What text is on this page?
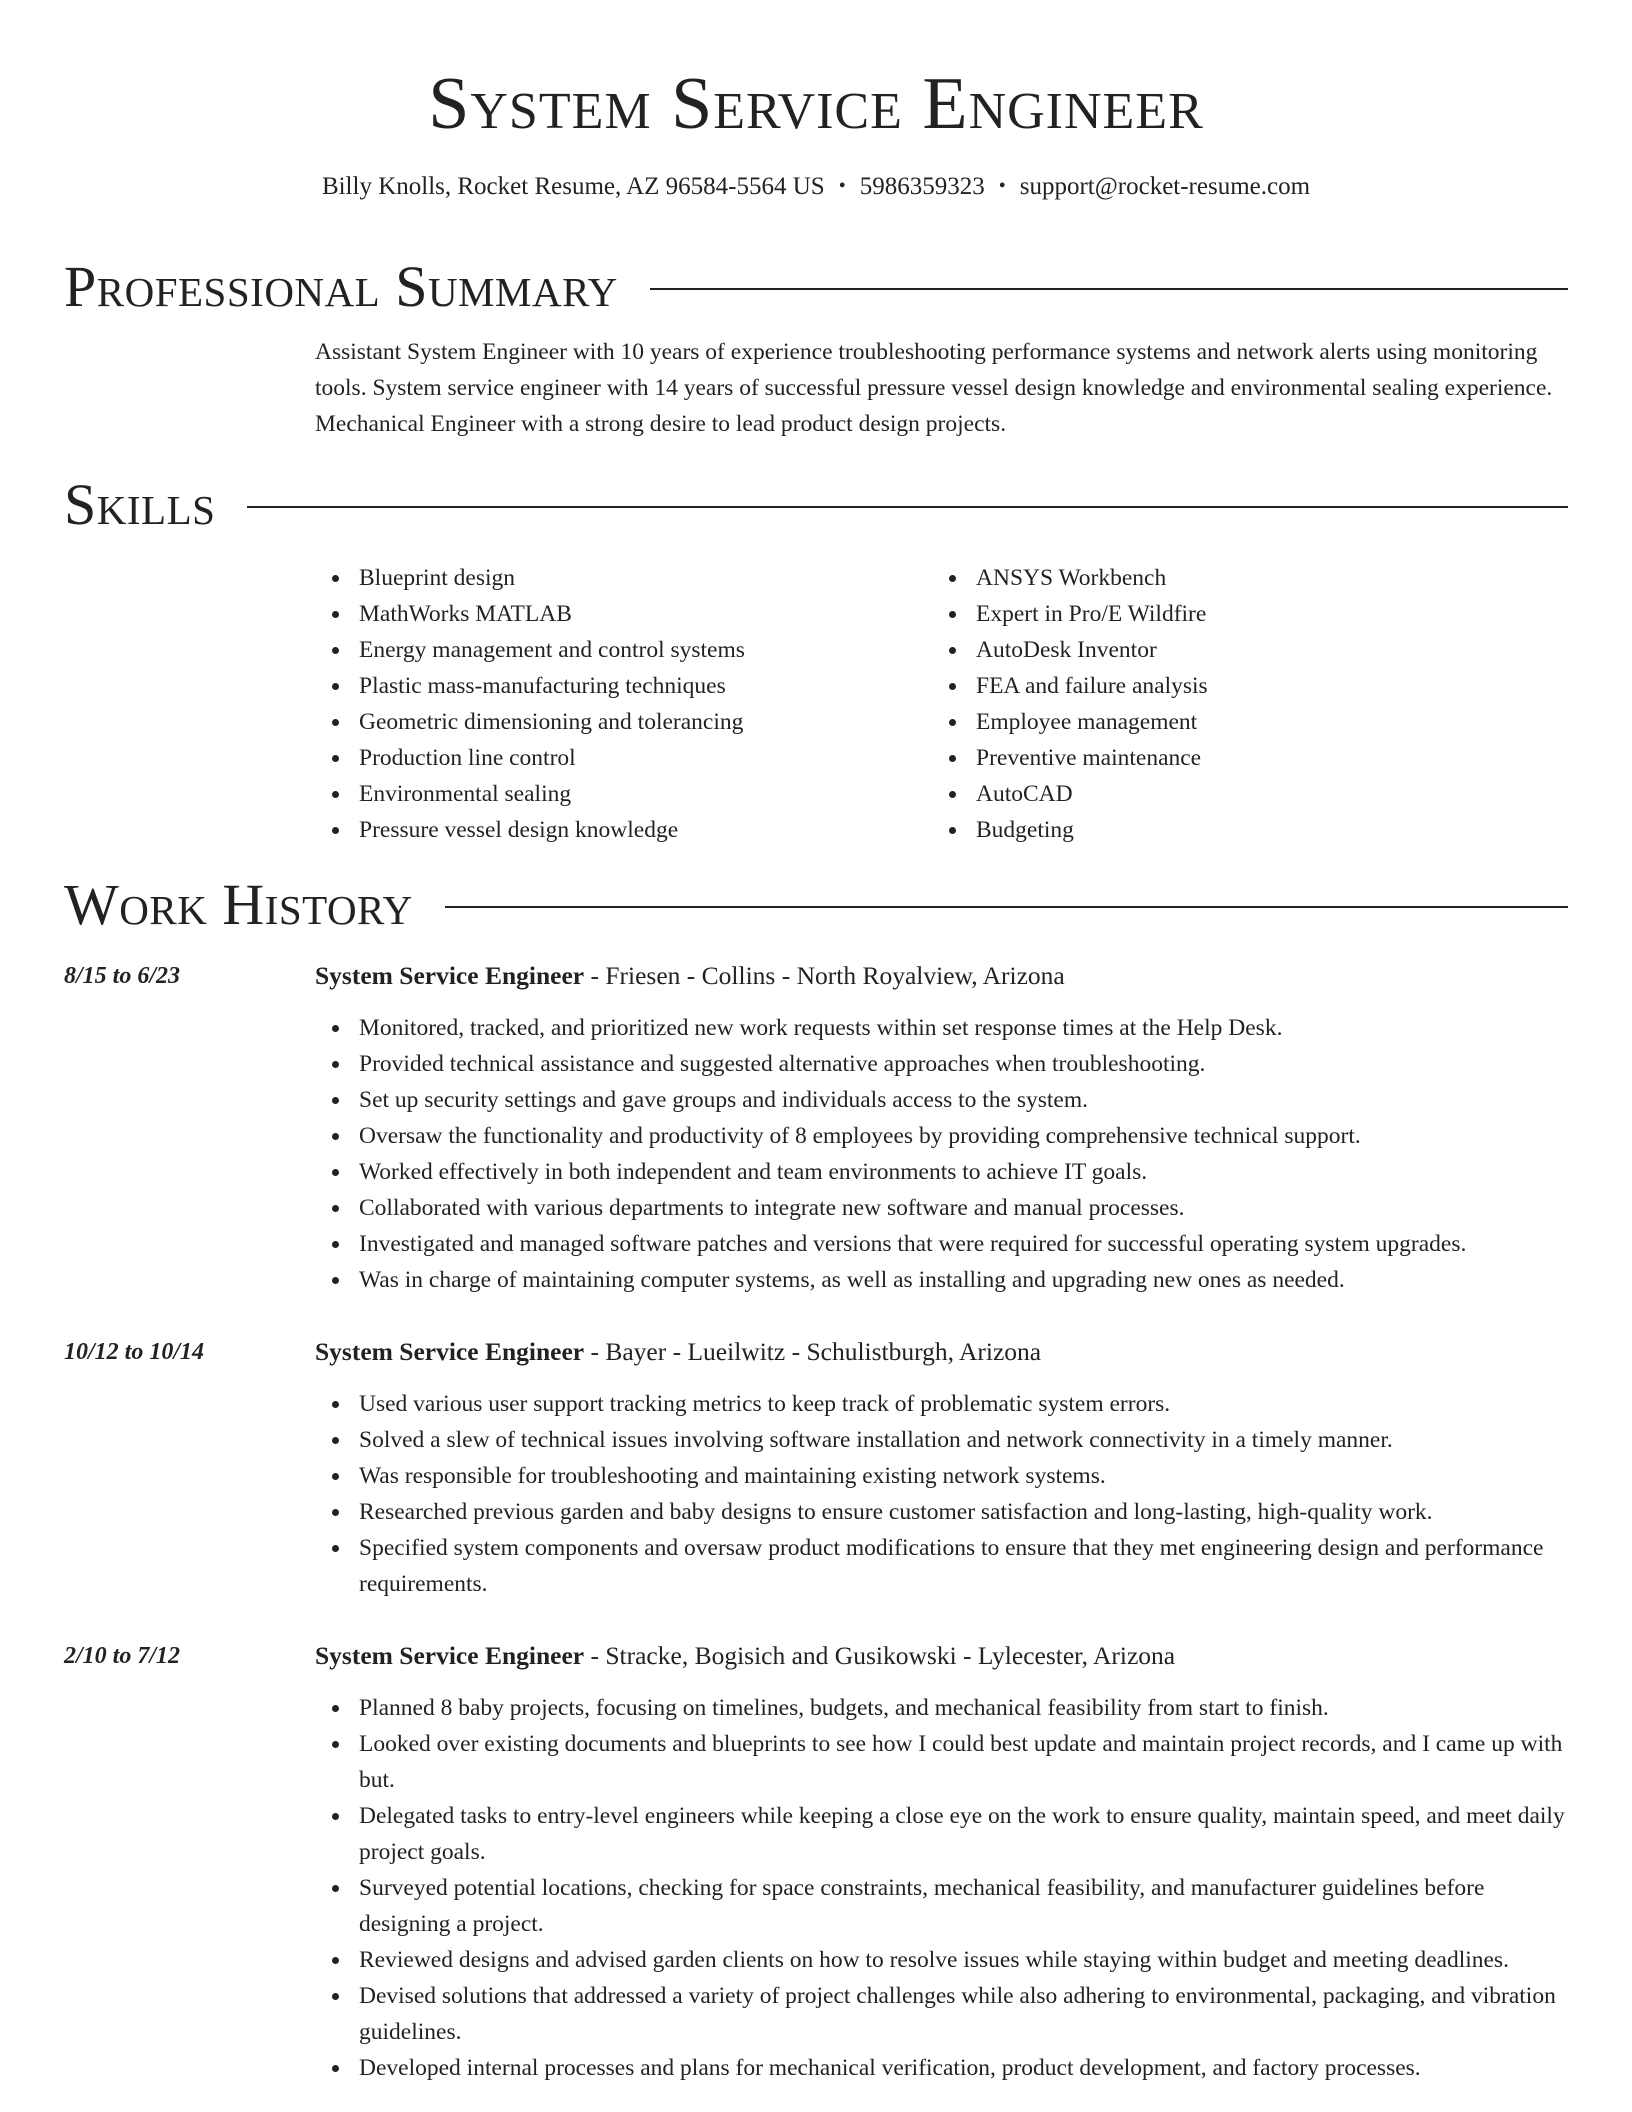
System Service Engineer
Billy Knolls, Rocket Resume, AZ 96584-5564 US • 5986359323 • support@rocket-resume.com
Professional Summary

Assistant System Engineer with 10 years of experience troubleshooting performance systems and network alerts using monitoring tools. System service engineer with 14 years of successful pressure vessel design knowledge and environmental sealing experience. Mechanical Engineer with a strong desire to lead product design projects.

Skills
Blueprint design
MathWorks MATLAB
Energy management and control systems
Plastic mass-manufacturing techniques
Geometric dimensioning and tolerancing
Production line control
Environmental sealing
Pressure vessel design knowledge
ANSYS Workbench
Expert in Pro/E Wildfire
AutoDesk Inventor
FEA and failure analysis
Employee management
Preventive maintenance
AutoCAD
Budgeting
Work History
8/15 to 6/23	System Service Engineer - Friesen - Collins - North Royalview, Arizona
Monitored, tracked, and prioritized new work requests within set response times at the Help Desk.
Provided technical assistance and suggested alternative approaches when troubleshooting.
Set up security settings and gave groups and individuals access to the system.
Oversaw the functionality and productivity of 8 employees by providing comprehensive technical support.
Worked effectively in both independent and team environments to achieve IT goals.
Collaborated with various departments to integrate new software and manual processes.
Investigated and managed software patches and versions that were required for successful operating system upgrades.
Was in charge of maintaining computer systems, as well as installing and upgrading new ones as needed.
10/12 to 10/14	System Service Engineer - Bayer - Lueilwitz - Schulistburgh, Arizona
Used various user support tracking metrics to keep track of problematic system errors.
Solved a slew of technical issues involving software installation and network connectivity in a timely manner.
Was responsible for troubleshooting and maintaining existing network systems.
Researched previous garden and baby designs to ensure customer satisfaction and long-lasting, high-quality work.
Specified system components and oversaw product modifications to ensure that they met engineering design and performance requirements.
2/10 to 7/12	System Service Engineer - Stracke, Bogisich and Gusikowski - Lylecester, Arizona
Planned 8 baby projects, focusing on timelines, budgets, and mechanical feasibility from start to finish.
Looked over existing documents and blueprints to see how I could best update and maintain project records, and I came up with but.
Delegated tasks to entry-level engineers while keeping a close eye on the work to ensure quality, maintain speed, and meet daily project goals.
Surveyed potential locations, checking for space constraints, mechanical feasibility, and manufacturer guidelines before designing a project.
Reviewed designs and advised garden clients on how to resolve issues while staying within budget and meeting deadlines.
Devised solutions that addressed a variety of project challenges while also adhering to environmental, packaging, and vibration guidelines.
Developed internal processes and plans for mechanical verification, product development, and factory processes.
